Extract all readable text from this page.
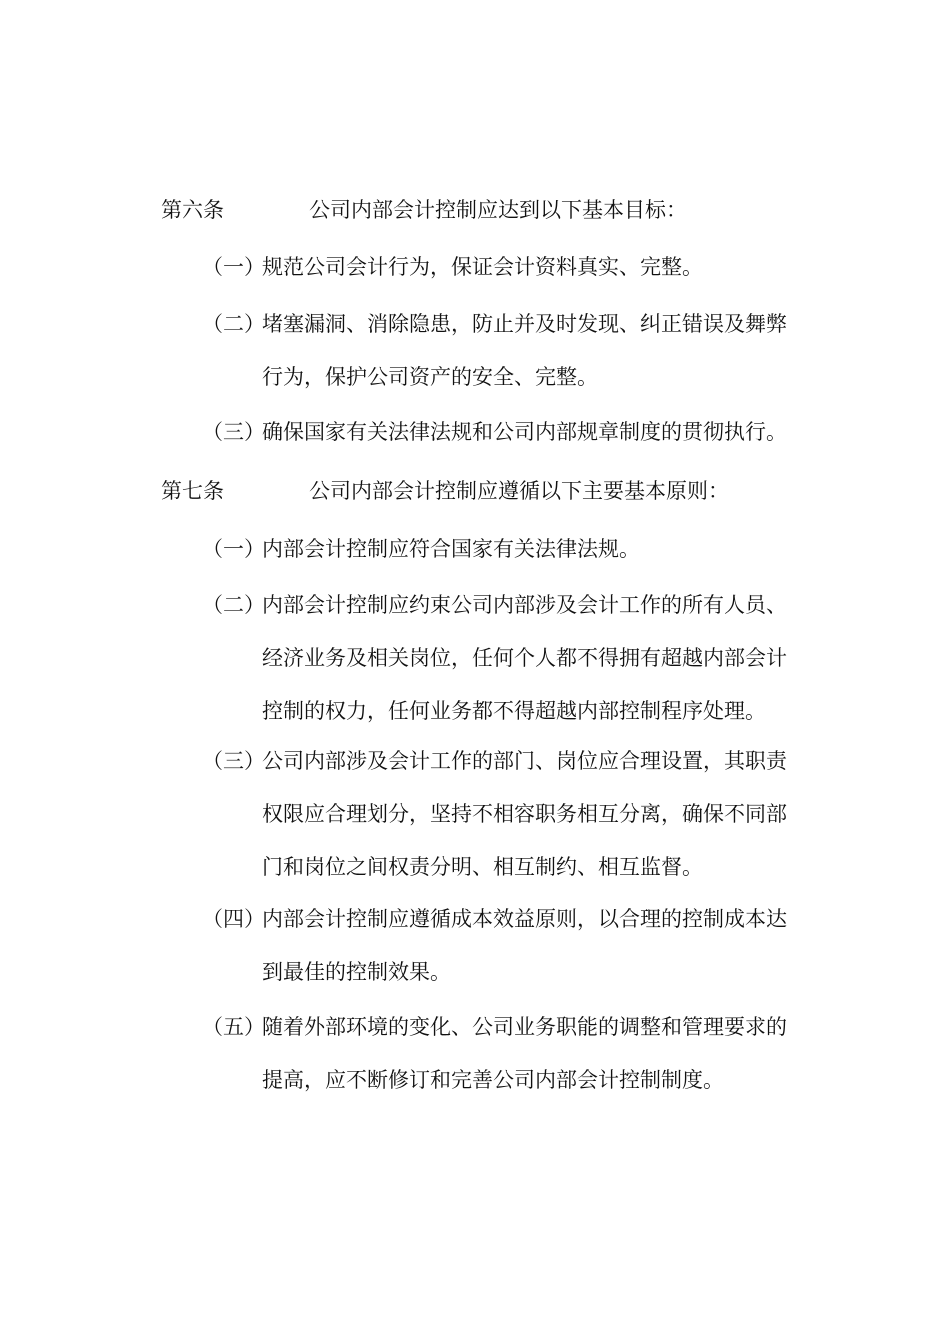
第六条	公司内部会计控制应达到以下基本目标：
（一）
规范公司会计行为，保证会计资料真实、完整。
（二）
堵塞漏洞、消除隐患，防止并及时发现、纠正错误及舞弊
行为，保护公司资产的安全、完整。
（三）
确保国家有关法律法规和公司内部规章制度的贯彻执行。
第七条	公司内部会计控制应遵循以下主要基本原则：
（一）
内部会计控制应符合国家有关法律法规。
（二）
内部会计控制应约束公司内部涉及会计工作的所有人员、
经济业务及相关岗位，任何个人都不得拥有超越内部会计
控制的权力，任何业务都不得超越内部控制程序处理。
（三）
公司内部涉及会计工作的部门、岗位应合理设置，其职责
权限应合理划分，坚持不相容职务相互分离，确保不同部
门和岗位之间权责分明、相互制约、相互监督。
（四）
内部会计控制应遵循成本效益原则，以合理的控制成本达
到最佳的控制效果。
（五）
随着外部环境的变化、公司业务职能的调整和管理要求的
提高，应不断修订和完善公司内部会计控制制度。
